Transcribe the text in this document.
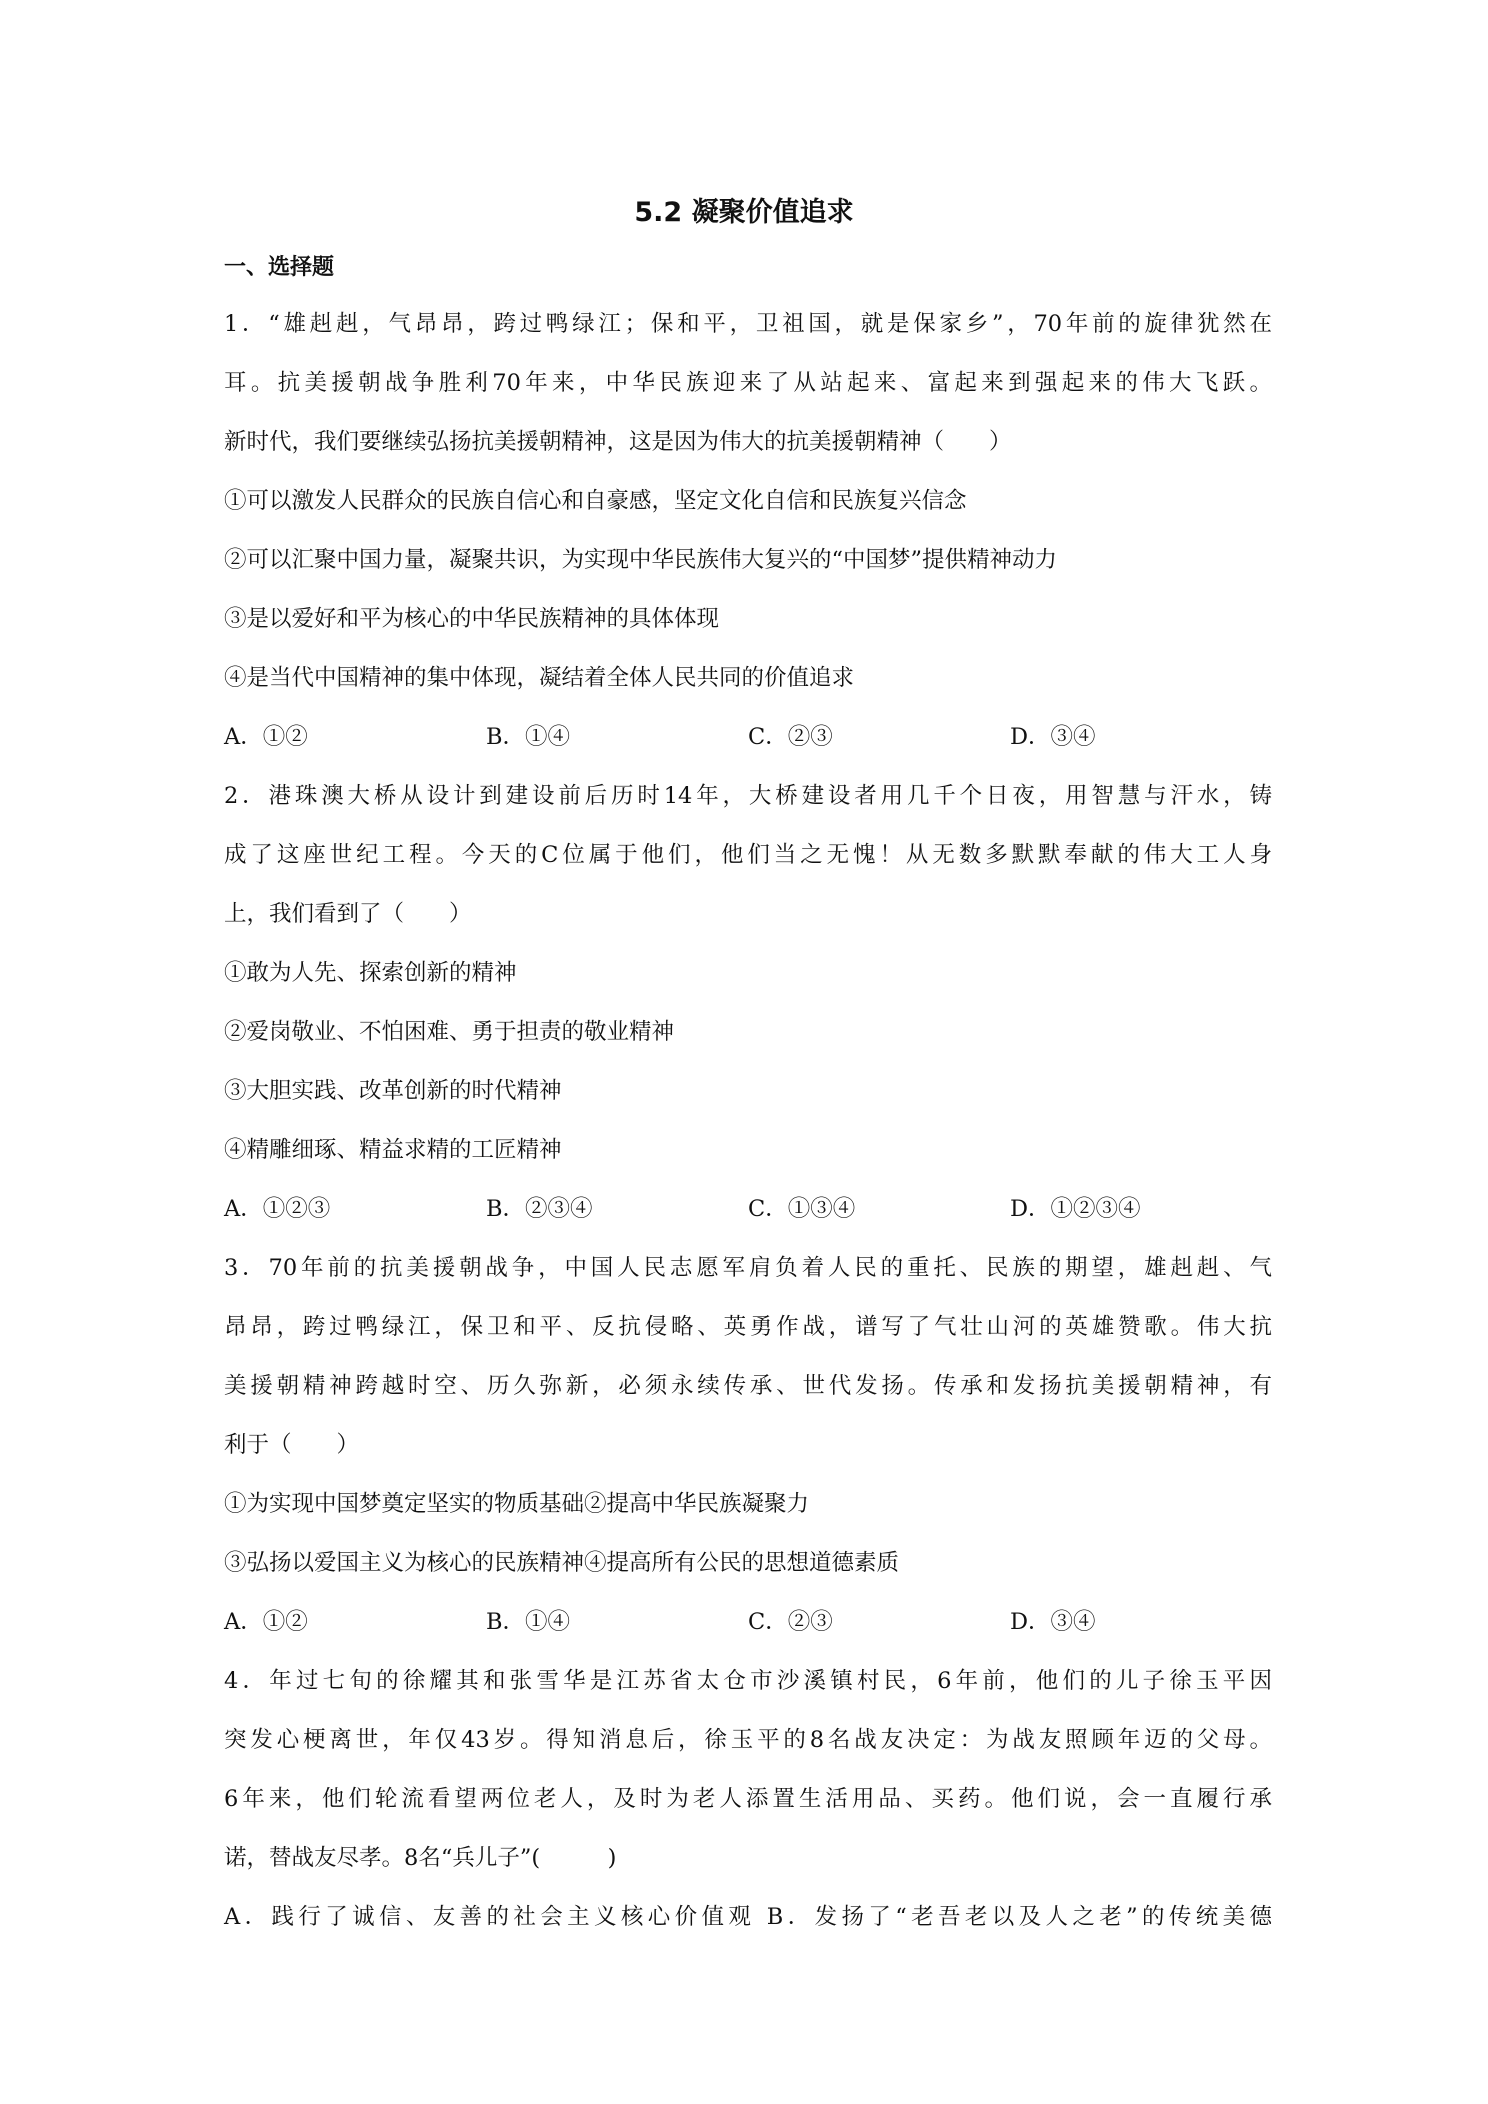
5.2 凝聚价值追求
一、选择题
1．“雄赳赳，气昂昂，跨过鸭绿江；保和平，卫祖国，就是保家乡”，70年前的旋律犹然在
耳。抗美援朝战争胜利70年来，中华民族迎来了从站起来、富起来到强起来的伟大飞跃。
新时代，我们要继续弘扬抗美援朝精神，这是因为伟大的抗美援朝精神（　　）
①可以激发人民群众的民族自信心和自豪感，坚定文化自信和民族复兴信念
②可以汇聚中国力量，凝聚共识，为实现中华民族伟大复兴的“中国梦”提供精神动力
③是以爱好和平为核心的中华民族精神的具体体现
④是当代中国精神的集中体现，凝结着全体人民共同的价值追求
A．①②	B．①④	C．②③	D．③④
2．港珠澳大桥从设计到建设前后历时14年，大桥建设者用几千个日夜，用智慧与汗水，铸
成了这座世纪工程。今天的C位属于他们，他们当之无愧！从无数多默默奉献的伟大工人身
上，我们看到了（　　）
①敢为人先、探索创新的精神
②爱岗敬业、不怕困难、勇于担责的敬业精神
③大胆实践、改革创新的时代精神
④精雕细琢、精益求精的工匠精神
A．①②③	B．②③④	C．①③④	D．①②③④
3．70年前的抗美援朝战争，中国人民志愿军肩负着人民的重托、民族的期望，雄赳赳、气
昂昂，跨过鸭绿江，保卫和平、反抗侵略、英勇作战，谱写了气壮山河的英雄赞歌。伟大抗
美援朝精神跨越时空、历久弥新，必须永续传承、世代发扬。传承和发扬抗美援朝精神，有
利于（　　）
①为实现中国梦奠定坚实的物质基础②提高中华民族凝聚力
③弘扬以爱国主义为核心的民族精神④提高所有公民的思想道德素质
A．①②	B．①④	C．②③	D．③④
4．年过七旬的徐耀其和张雪华是江苏省太仓市沙溪镇村民，6年前，他们的儿子徐玉平因
突发心梗离世，年仅43岁。得知消息后，徐玉平的8名战友决定：为战友照顾年迈的父母。
6年来，他们轮流看望两位老人，及时为老人添置生活用品、买药。他们说，会一直履行承
诺，替战友尽孝。8名“兵儿子”(　　　)
A．践行了诚信、友善的社会主义核心价值观 B．发扬了“老吾老以及人之老”的传统美德
